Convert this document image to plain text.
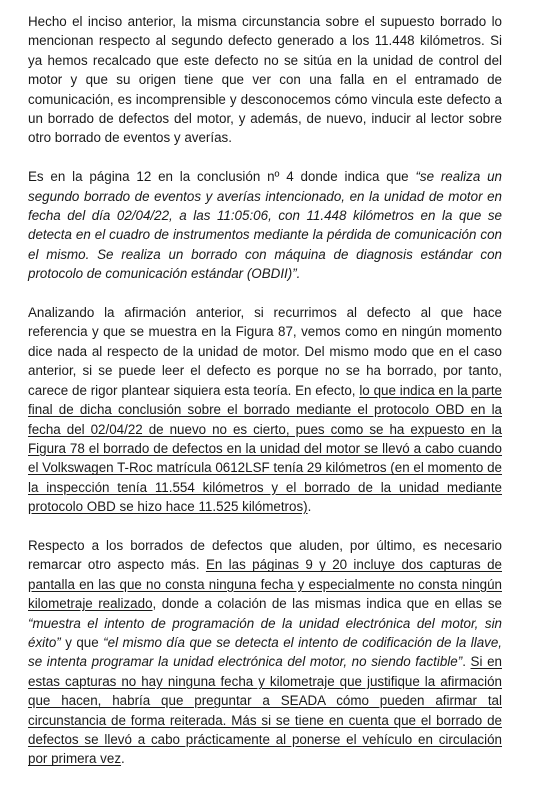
Hecho el inciso anterior, la misma circunstancia sobre el supuesto borrado lo mencionan respecto al segundo defecto generado a los 11.448 kilómetros. Si ya hemos recalcado que este defecto no se sitúa en la unidad de control del motor y que su origen tiene que ver con una falla en el entramado de comunicación, es incomprensible y desconocemos cómo vincula este defecto a un borrado de defectos del motor, y además, de nuevo, inducir al lector sobre otro borrado de eventos y averías.

Es en la página 12 en la conclusión nº 4 donde indica que “se realiza un segundo borrado de eventos y averías intencionado, en la unidad de motor en fecha del día 02/04/22, a las 11:05:06, con 11.448 kilómetros en la que se detecta en el cuadro de instrumentos mediante la pérdida de comunicación con el mismo. Se realiza un borrado con máquina de diagnosis estándar con protocolo de comunicación estándar (OBDII)”.

Analizando la afirmación anterior, si recurrimos al defecto al que hace referencia y que se muestra en la Figura 87, vemos como en ningún momento dice nada al respecto de la unidad de motor. Del mismo modo que en el caso anterior, si se puede leer el defecto es porque no se ha borrado, por tanto, carece de rigor plantear siquiera esta teoría. En efecto, lo que indica en la parte final de dicha conclusión sobre el borrado mediante el protocolo OBD en la fecha del 02/04/22 de nuevo no es cierto, pues como se ha expuesto en la Figura 78 el borrado de defectos en la unidad del motor se llevó a cabo cuando el Volkswagen T-Roc matrícula 0612LSF tenía 29 kilómetros (en el momento de la inspección tenía 11.554 kilómetros y el borrado de la unidad mediante protocolo OBD se hizo hace 11.525 kilómetros).

Respecto a los borrados de defectos que aluden, por último, es necesario remarcar otro aspecto más. En las páginas 9 y 20 incluye dos capturas de pantalla en las que no consta ninguna fecha y especialmente no consta ningún kilometraje realizado, donde a colación de las mismas indica que en ellas se “muestra el intento de programación de la unidad electrónica del motor, sin éxito” y que “el mismo día que se detecta el intento de codificación de la llave, se intenta programar la unidad electrónica del motor, no siendo factible”. Si en estas capturas no hay ninguna fecha y kilometraje que justifique la afirmación que hacen, habría que preguntar a SEADA cómo pueden afirmar tal circunstancia de forma reiterada. Más si se tiene en cuenta que el borrado de defectos se llevó a cabo prácticamente al ponerse el vehículo en circulación por primera vez.
